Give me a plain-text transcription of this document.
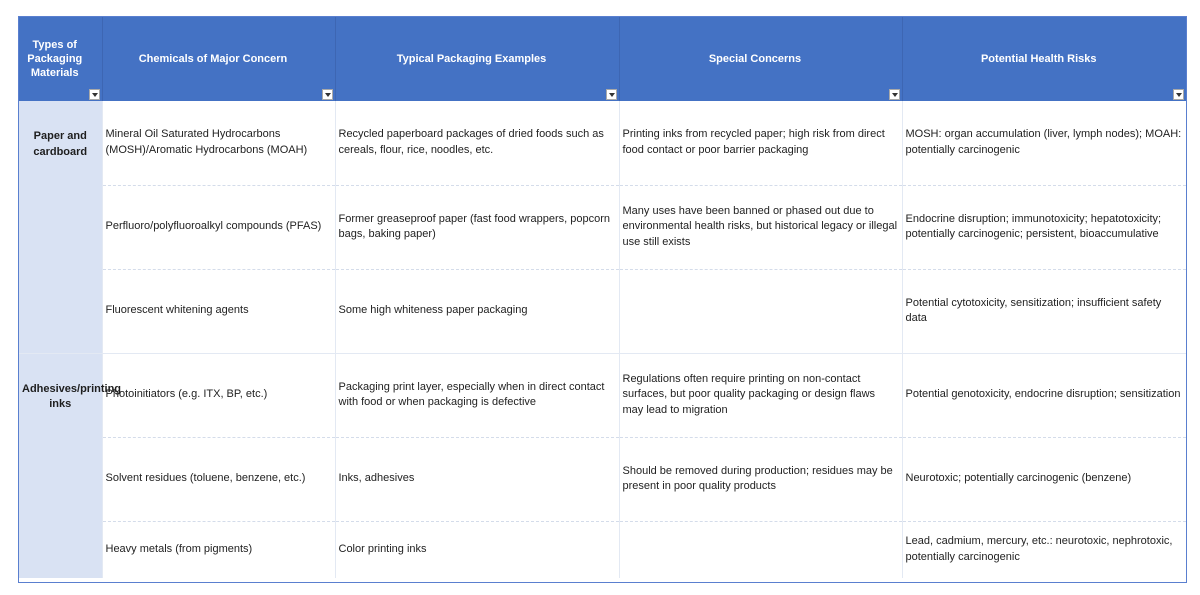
Types of Packaging Materials	Chemicals of Major Concern	Typical Packaging Examples	Special Concerns	Potential Health Risks

Paper and cardboard	Mineral Oil Saturated Hydrocarbons (MOSH)/Aromatic Hydrocarbons (MOAH)	Recycled paperboard packages of dried foods such as cereals, flour, rice, noodles, etc.	Printing inks from recycled paper; high risk from direct food contact or poor barrier packaging	MOSH: organ accumulation (liver, lymph nodes); MOAH: potentially carcinogenic
	Perfluoro/polyfluoroalkyl compounds (PFAS)	Former greaseproof paper (fast food wrappers, popcorn bags, baking paper)	Many uses have been banned or phased out due to environmental health risks, but historical legacy or illegal use still exists	Endocrine disruption; immunotoxicity; hepatotoxicity; potentially carcinogenic; persistent, bioaccumulative
	Fluorescent whitening agents	Some high whiteness paper packaging		Potential cytotoxicity, sensitization; insufficient safety data
Adhesives/printing inks	Photoinitiators (e.g. ITX, BP, etc.)	Packaging print layer, especially when in direct contact with food or when packaging is defective	Regulations often require printing on non-contact surfaces, but poor quality packaging or design flaws may lead to migration	Potential genotoxicity, endocrine disruption; sensitization
	Solvent residues (toluene, benzene, etc.)	Inks, adhesives	Should be removed during production; residues may be present in poor quality products	Neurotoxic; potentially carcinogenic (benzene)
	Heavy metals (from pigments)	Color printing inks		Lead, cadmium, mercury, etc.: neurotoxic, nephrotoxic, potentially carcinogenic
